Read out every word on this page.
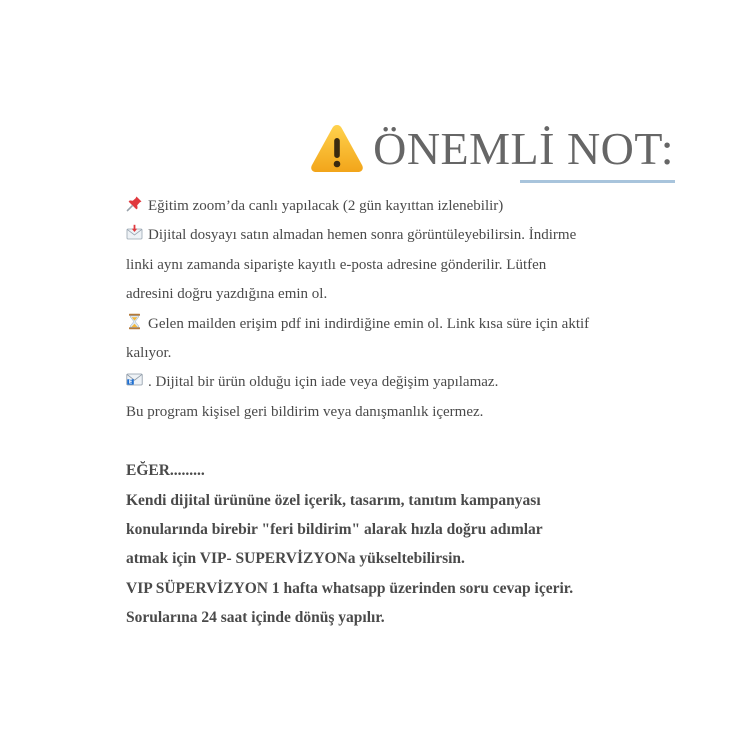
ÖNEMLİ NOT:
Eğitim zoom’da canlı yapılacak (2 gün kayıttan izlenebilir)
Dijital dosyayı satın almadan hemen sonra görüntüleyebilirsin. İndirme
linki aynı zamanda siparişte kayıtlı e-posta adresine gönderilir. Lütfen
adresini doğru yazdığına emin ol.
Gelen mailden erişim pdf ini indirdiğine emin ol. Link kısa süre için aktif
kalıyor.
E . Dijital bir ürün olduğu için iade veya değişim yapılamaz.
Bu program kişisel geri bildirim veya danışmanlık içermez.
EĞER.........
Kendi dijital ürününe özel içerik, tasarım, tanıtım kampanyası
konularında birebir "feri bildirim" alarak hızla doğru adımlar
atmak için VIP- SUPERVİZYONa yükseltebilirsin.
VIP SÜPERVİZYON 1 hafta whatsapp üzerinden soru cevap içerir.
Sorularına 24 saat içinde dönüş yapılır.
